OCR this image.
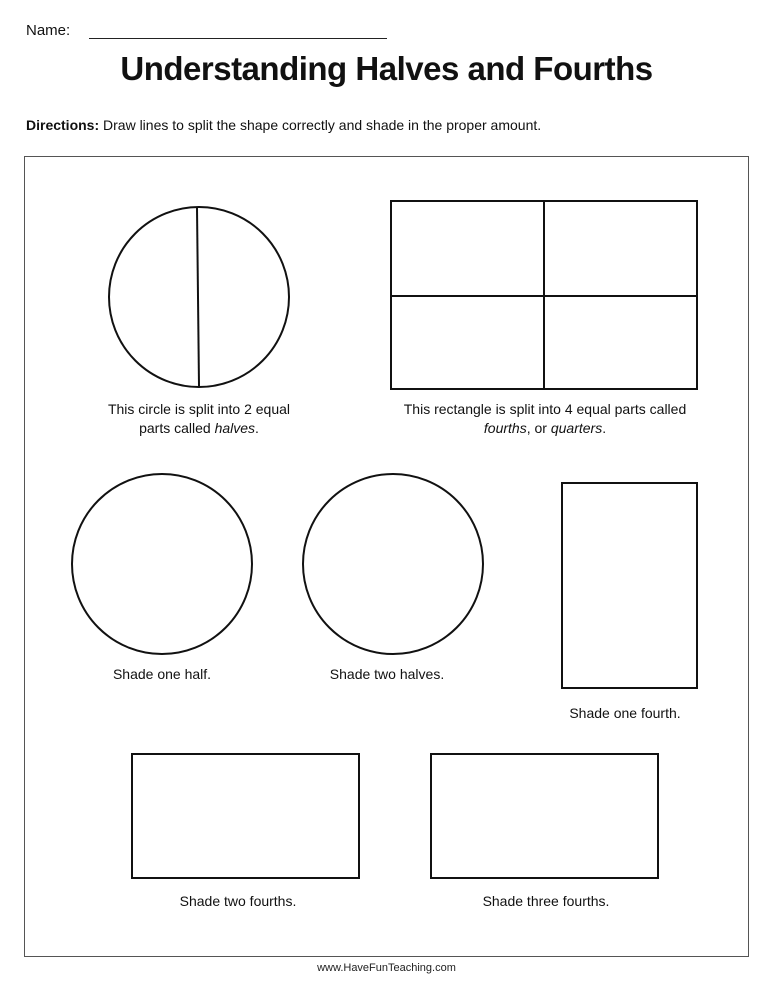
Name:
Understanding Halves and Fourths
Directions: Draw lines to split the shape correctly and shade in the proper amount.
This circle is split into 2 equal
parts called halves.
This rectangle is split into 4 equal parts called
fourths, or quarters.
Shade one half.	Shade two halves.
Shade one fourth.
Shade two fourths.	Shade three fourths.
www.HaveFunTeaching.com
